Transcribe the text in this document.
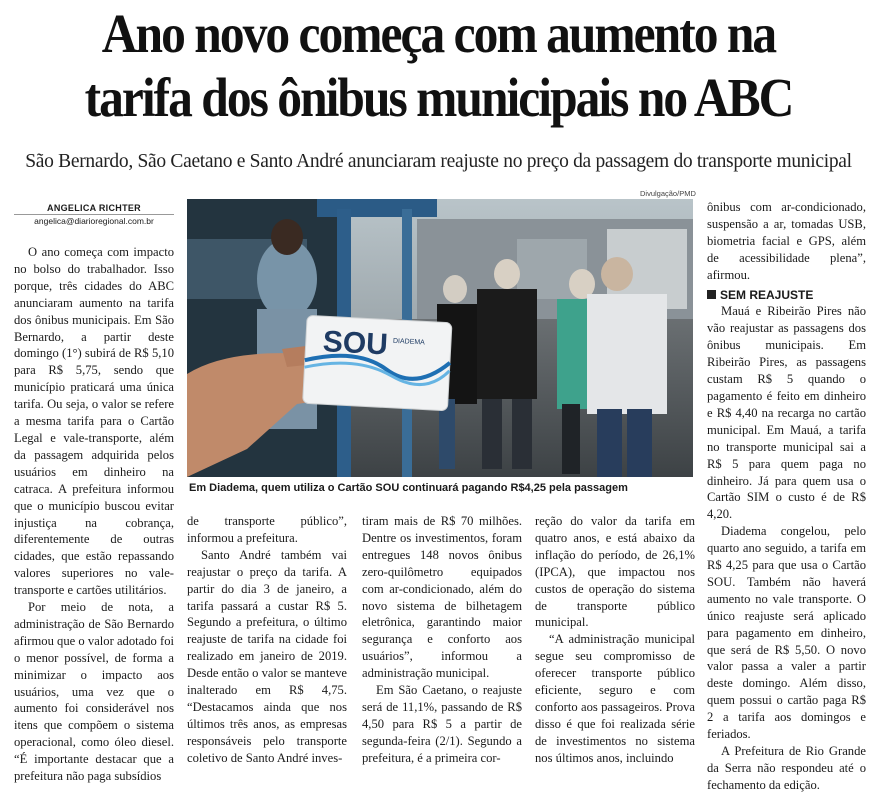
Ano novo começa com aumento na
tarifa dos ônibus municipais no ABC
São Bernardo, São Caetano e Santo André anunciaram reajuste no preço da passagem do transporte municipal
ANGELICA RICHTER
angelica@diarioregional.com.br
Divulgação/PMD

O ano começa com impacto no bolso do trabalhador. Isso porque, três cidades do ABC anunciaram aumento na tarifa dos ônibus municipais. Em São Bernardo, a partir deste domingo (1°) subirá de R$ 5,10 para R$ 5,75, sendo que município praticará uma única tarifa. Ou seja, o valor se refere a mesma tarifa para o Cartão Legal e vale-transporte, além da passagem adquirida pelos usuários em dinheiro na catraca. A prefeitura informou que o município buscou evitar injustiça na cobrança, diferentemente de outras cidades, que estão repassando valores superiores no vale-transporte e cartões utilitários.

Por meio de nota, a administração de São Bernardo afirmou que o valor adotado foi o menor possível, de forma a minimizar o impacto aos usuários, uma vez que o aumento foi considerável nos itens que compõem o sistema operacional, como óleo diesel. “É importante destacar que a prefeitura não paga subsídios

SOU DIADEMA
Em Diadema, quem utiliza o Cartão SOU continuará pagando R$4,25 pela passagem

de transporte público”, informou a prefeitura.

Santo André também vai reajustar o preço da tarifa. A partir do dia 3 de janeiro, a tarifa passará a custar R$ 5. Segundo a prefeitura, o último reajuste de tarifa na cidade foi realizado em janeiro de 2019. Desde então o valor se manteve inalterado em R$ 4,75. “Destacamos ainda que nos últimos três anos, as empresas responsáveis pelo transporte coletivo de Santo André inves-

tiram mais de R$ 70 milhões. Dentre os investimentos, foram entregues 148 novos ônibus zero-quilômetro equipados com ar-condicionado, além do novo sistema de bilhetagem eletrônica, garantindo maior segurança e conforto aos usuários”, informou a administração municipal.

Em São Caetano, o reajuste será de 11,1%, passando de R$ 4,50 para R$ 5 a partir de segunda-feira (2/1). Segundo a prefeitura, é a primeira cor-

reção do valor da tarifa em quatro anos, e está abaixo da inflação do período, de 26,1% (IPCA), que impactou nos custos de operação do sistema de transporte público municipal.

“A administração municipal segue seu compromisso de oferecer transporte público eficiente, seguro e com conforto aos passageiros. Prova disso é que foi realizada série de investimentos no sistema nos últimos anos, incluindo

ônibus com ar-condicionado, suspensão a ar, tomadas USB, biometria facial e GPS, além de acessibilidade plena”, afirmou.

SEM REAJUSTE

Mauá e Ribeirão Pires não vão reajustar as passagens dos ônibus municipais. Em Ribeirão Pires, as passagens custam R$ 5 quando o pagamento é feito em dinheiro e R$ 4,40 na recarga no cartão municipal. Em Mauá, a tarifa no transporte municipal sai a R$ 5 para quem paga no dinheiro. Já para quem usa o Cartão SIM o custo é de R$ 4,20.

Diadema congelou, pelo quarto ano seguido, a tarifa em R$ 4,25 para que usa o Cartão SOU. Também não haverá aumento no vale transporte. O único reajuste será aplicado para pagamento em dinheiro, que será de R$ 5,50. O novo valor passa a valer a partir deste domingo. Além disso, quem possui o cartão paga R$ 2 a tarifa aos domingos e feriados.

A Prefeitura de Rio Grande da Serra não respondeu até o fechamento da edição.
